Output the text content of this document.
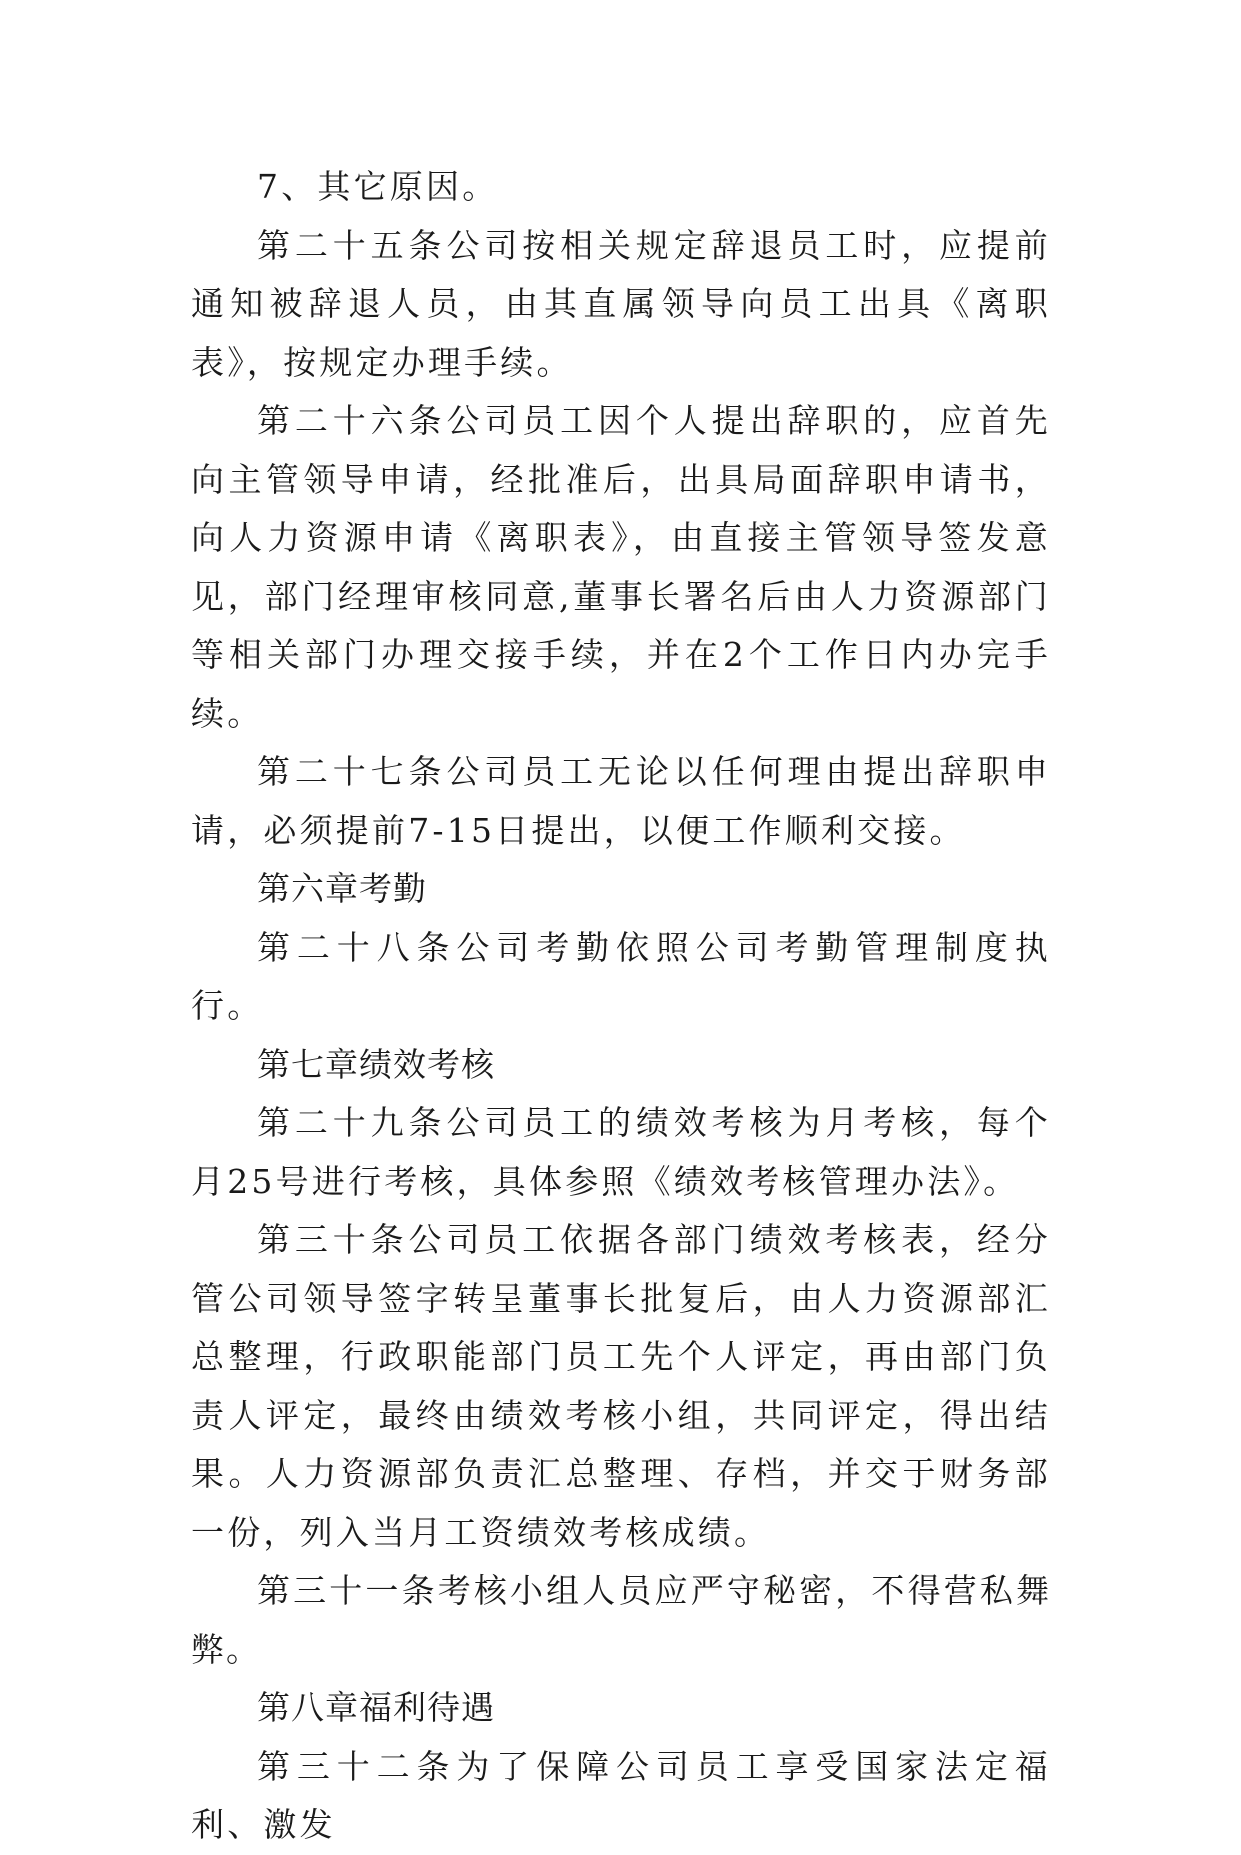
7、其它原因。

第二十五条公司按相关规定辞退员工时，应提前通知被辞退人员，由其直属领导向员工出具《离职表》，按规定办理手续。

第二十六条公司员工因个人提出辞职的，应首先向主管领导申请，经批准后，出具局面辞职申请书，向人力资源申请《离职表》，由直接主管领导签发意见，部门经理审核同意,董事长署名后由人力资源部门等相关部门办理交接手续，并在2个工作日内办完手续。

第二十七条公司员工无论以任何理由提出辞职申请，必须提前7-15日提出，以便工作顺利交接。

第六章考勤

第二十八条公司考勤依照公司考勤管理制度执行。

第七章绩效考核

第二十九条公司员工的绩效考核为月考核，每个月25号进行考核，具体参照《绩效考核管理办法》。

第三十条公司员工依据各部门绩效考核表，经分管公司领导签字转呈董事长批复后，由人力资源部汇总整理，行政职能部门员工先个人评定，再由部门负责人评定，最终由绩效考核小组，共同评定，得出结果。人力资源部负责汇总整理、存档，并交于财务部一份，列入当月工资绩效考核成绩。

第三十一条考核小组人员应严守秘密，不得营私舞弊。

第八章福利待遇

第三十二条为了保障公司员工享受国家法定福利、激发
